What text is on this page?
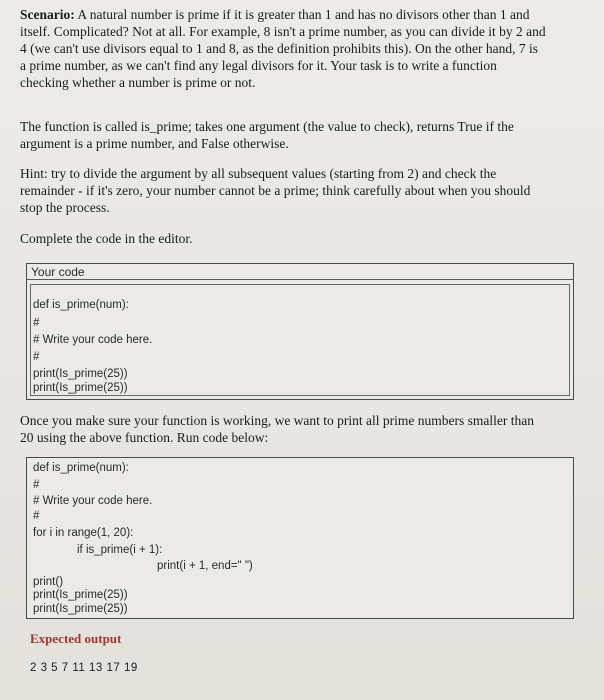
Scenario: A natural number is prime if it is greater than 1 and has no divisors other than 1 and
itself. Complicated? Not at all. For example, 8 isn't a prime number, as you can divide it by 2 and
4 (we can't use divisors equal to 1 and 8, as the definition prohibits this). On the other hand, 7 is
a prime number, as we can't find any legal divisors for it. Your task is to write a function
checking whether a number is prime or not.
The function is called is_prime; takes one argument (the value to check), returns True if the
argument is a prime number, and False otherwise.
Hint: try to divide the argument by all subsequent values (starting from 2) and check the
remainder - if it's zero, your number cannot be a prime; think carefully about when you should
stop the process.
Complete the code in the editor.
Your code
def is_prime(num):
#
# Write your code here.
#
print(Is_prime(25))
print(Is_prime(25))
Once you make sure your function is working, we want to print all prime numbers smaller than
20 using the above function. Run code below:
def is_prime(num):
#
# Write your code here.
#
for i in range(1, 20):
if is_prime(i + 1):
print(i + 1, end=" ")
print()
print(Is_prime(25))
print(Is_prime(25))
Expected output
2 3 5 7 11 13 17 19
